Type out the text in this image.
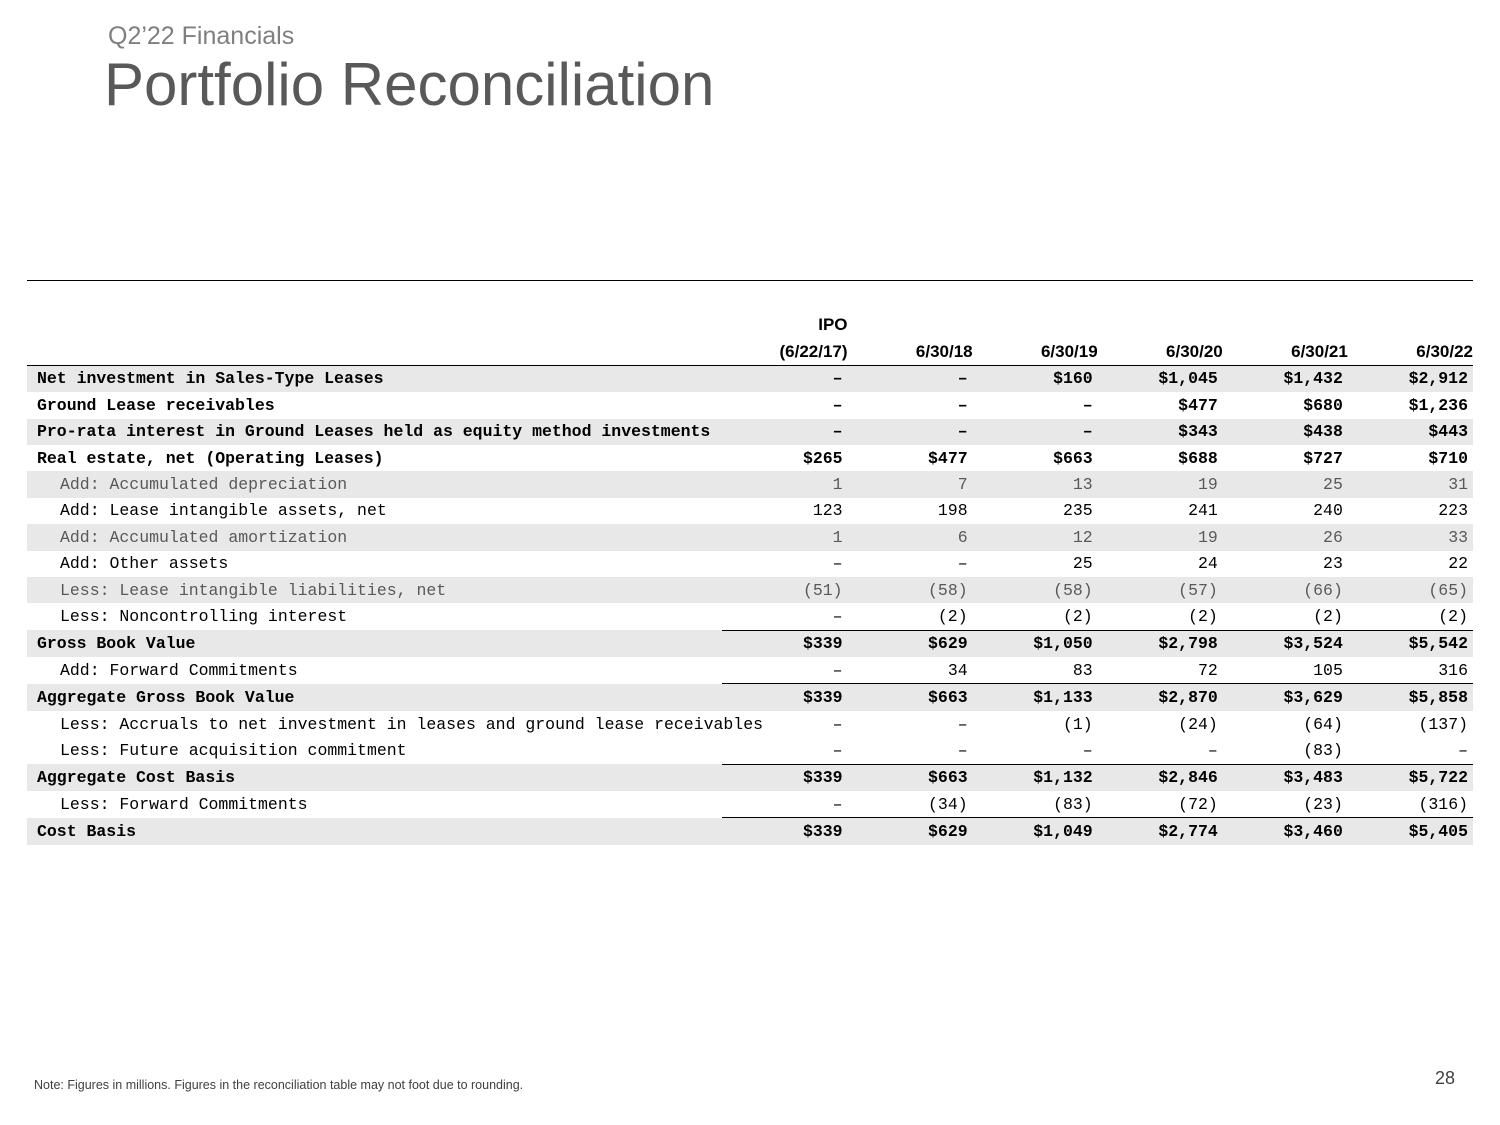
Q2’22 Financials
Portfolio Reconciliation
	IPO					
	(6/22/17)	6/30/18	6/30/19	6/30/20	6/30/21	6/30/22
Net investment in Sales-Type Leases	–	–	$160	$1,045	$1,432	$2,912
Ground Lease receivables	–	–	–	$477	$680	$1,236
Pro-rata interest in Ground Leases held as equity method investments	–	–	–	$343	$438	$443
Real estate, net (Operating Leases)	$265	$477	$663	$688	$727	$710
Add: Accumulated depreciation	1	7	13	19	25	31
Add: Lease intangible assets, net	123	198	235	241	240	223
Add: Accumulated amortization	1	6	12	19	26	33
Add: Other assets	–	–	25	24	23	22
Less: Lease intangible liabilities, net	(51)	(58)	(58)	(57)	(66)	(65)
Less: Noncontrolling interest	–	(2)	(2)	(2)	(2)	(2)
Gross Book Value	$339	$629	$1,050	$2,798	$3,524	$5,542
Add: Forward Commitments	–	34	83	72	105	316
Aggregate Gross Book Value	$339	$663	$1,133	$2,870	$3,629	$5,858
Less: Accruals to net investment in leases and ground lease receivables	–	–	(1)	(24)	(64)	(137)
Less: Future acquisition commitment	–	–	–	–	(83)	–
Aggregate Cost Basis	$339	$663	$1,132	$2,846	$3,483	$5,722
Less: Forward Commitments	–	(34)	(83)	(72)	(23)	(316)
Cost Basis	$339	$629	$1,049	$2,774	$3,460	$5,405
Note: Figures in millions. Figures in the reconciliation table may not foot due to rounding.	28
